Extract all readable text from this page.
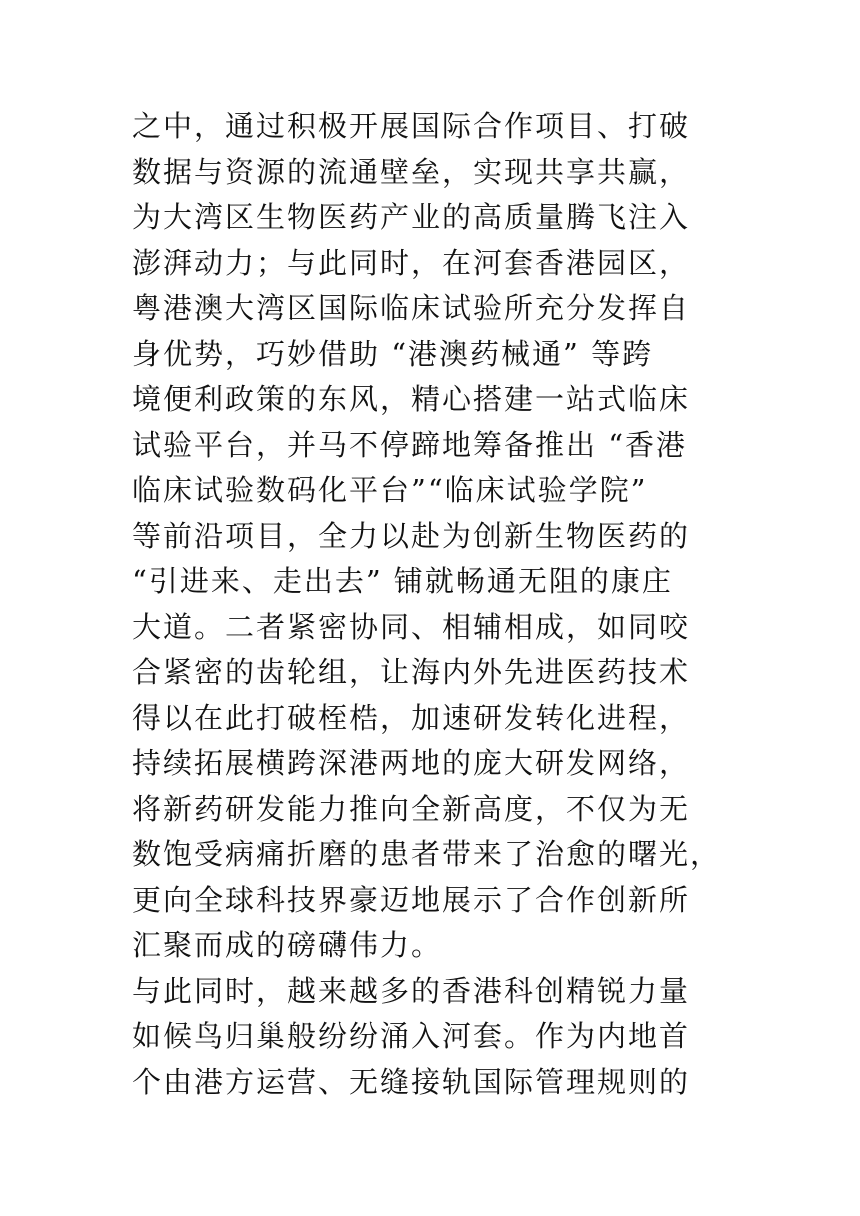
之中，通过积极开展国际合作项目、打破
数据与资源的流通壁垒，实现共享共赢，
为大湾区生物医药产业的高质量腾飞注入
澎湃动力；与此同时，在河套香港园区，
粤港澳大湾区国际临床试验所充分发挥自
身优势，巧妙借助 “港澳药械通” 等跨
境便利政策的东风，精心搭建一站式临床
试验平台，并马不停蹄地筹备推出 “香港
临床试验数码化平台”“临床试验学院”
等前沿项目，全力以赴为创新生物医药的
“引进来、走出去” 铺就畅通无阻的康庄
大道。二者紧密协同、相辅相成，如同咬
合紧密的齿轮组，让海内外先进医药技术
得以在此打破桎梏，加速研发转化进程，
持续拓展横跨深港两地的庞大研发网络，
将新药研发能力推向全新高度，不仅为无
数饱受病痛折磨的患者带来了治愈的曙光，
更向全球科技界豪迈地展示了合作创新所
汇聚而成的磅礴伟力。
与此同时，越来越多的香港科创精锐力量
如候鸟归巢般纷纷涌入河套。作为内地首
个由港方运营、无缝接轨国际管理规则的
